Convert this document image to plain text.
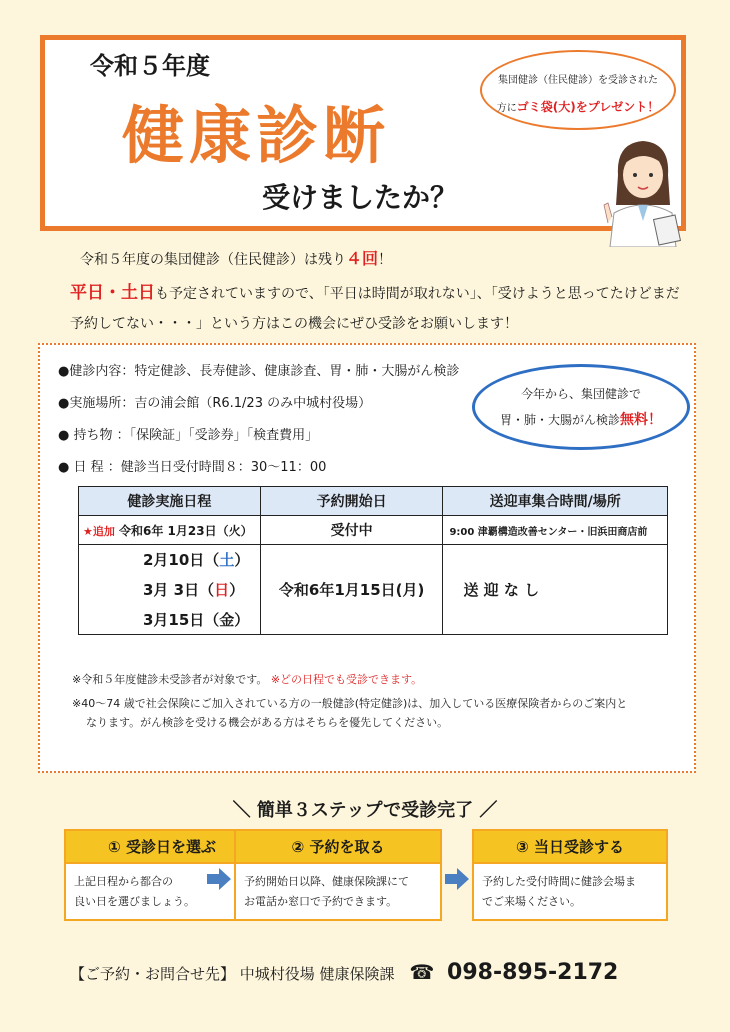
令和５年度
健康診断
受けましたか？
集団健診（住民健診）を受診された
方にゴミ袋(大)をプレゼント！
令和５年度の集団健診（住民健診）は残り４回！
平日・土日も予定されていますので、「平日は時間が取れない」、「受けようと思ってたけどまだ予約してない・・・」という方はこの機会にぜひ受診をお願いします！
●健診内容：特定健診、長寿健診、健康診査、胃・肺・大腸がん検診
●実施場所：吉の浦会館（R6.1/23 のみ中城村役場）
● 持ち物 ：「保険証」「受診券」「検査費用」
● 日 程 ：健診当日受付時間８：30～11：00
今年から、集団健診で
胃・肺・大腸がん検診無料！
健診実施日程	予約開始日	送迎車集合時間/場所
★追加 令和6年 1月23日（火）	受付中	9:00 津覇構造改善センター・旧浜田商店前
2月10日（土）	令和6年1月15日(月)	送 迎 な し
3月 3日（日）		
3月15日（金）		
※令和５年度健診未受診者が対象です。 ※どの日程でも受診できます。
※40～74 歳で社会保険にご加入されている方の一般健診(特定健診)は、加入している医療保険者からのご案内と
なります。がん検診を受ける機会がある方はそちらを優先してください。
＼ 簡単３ステップで受診完了 ／
① 受診日を選ぶ
上記日程から都合の
良い日を選びましょう。
② 予約を取る
予約開始日以降、健康保険課にて
お電話か窓口で予約できます。
③ 当日受診する
予約した受付時間に健診会場ま
でご来場ください。
【ご予約・お問合せ先】 中城村役場 健康保険課 ☎ 098-895-2172
